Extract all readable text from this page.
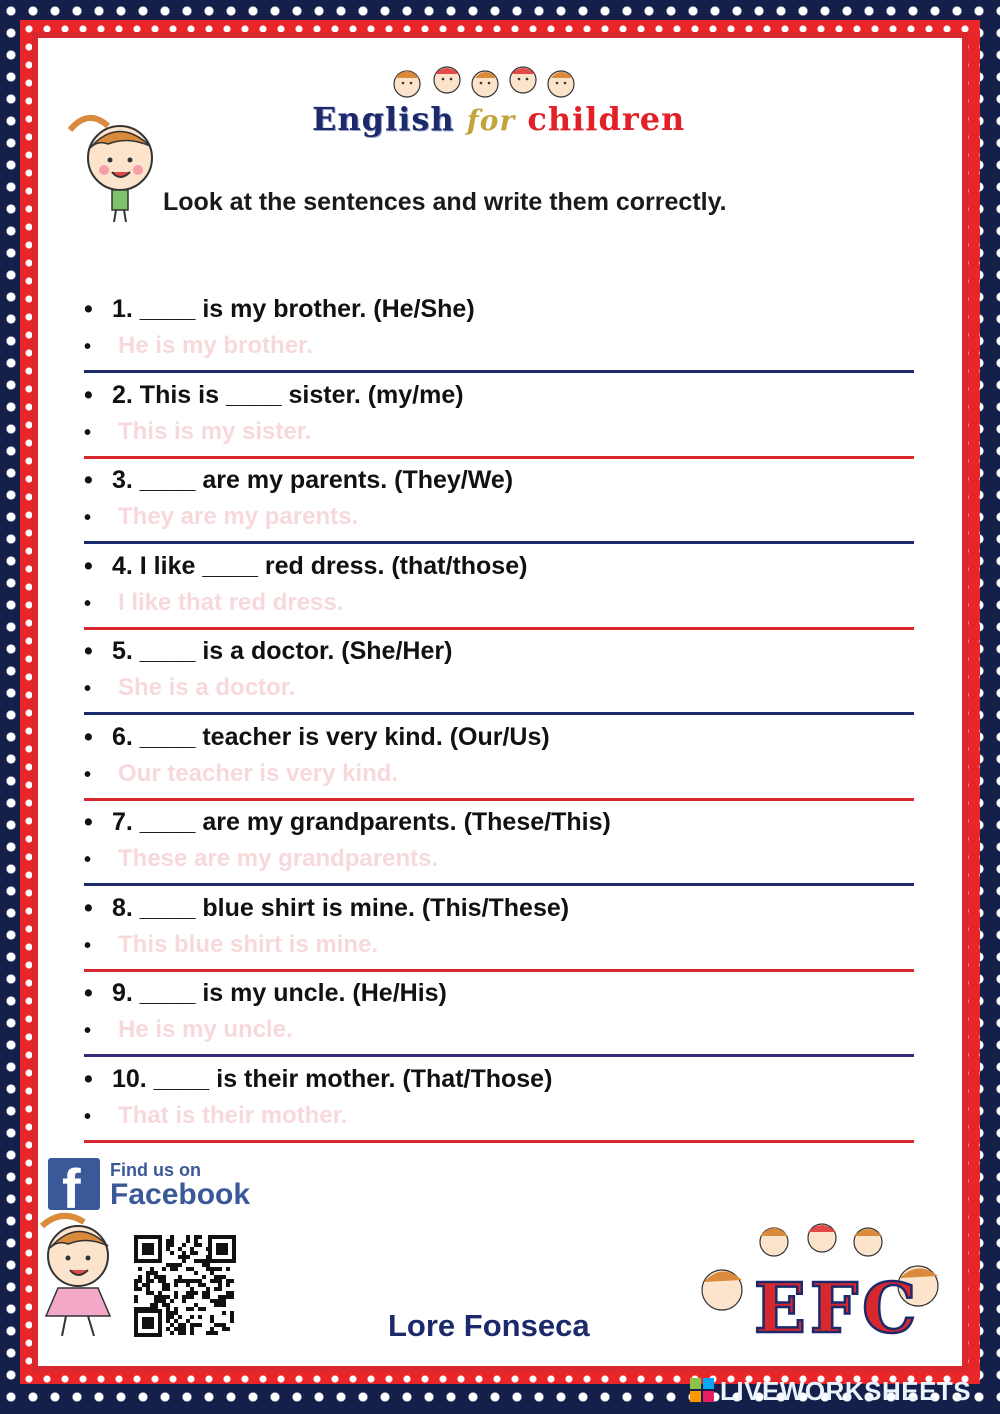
English for children
Look at the sentences and write them correctly.
• 1. ____ is my brother. (He/She)
• He is my brother.
• 2. This is ____ sister. (my/me)
• This is my sister.
• 3. ____ are my parents. (They/We)
• They are my parents.
• 4. I like ____ red dress. (that/those)
• I like that red dress.
• 5. ____ is a doctor. (She/Her)
• She is a doctor.
• 6. ____ teacher is very kind. (Our/Us)
• Our teacher is very kind.
• 7. ____ are my grandparents. (These/This)
• These are my grandparents.
• 8. ____ blue shirt is mine. (This/These)
• This blue shirt is mine.
• 9. ____ is my uncle. (He/His)
• He is my uncle.
• 10. ____ is their mother. (That/Those)
• That is their mother.
f Find us on
Facebook
Lore Fonseca EFC
LIVEWORKSHEETS
